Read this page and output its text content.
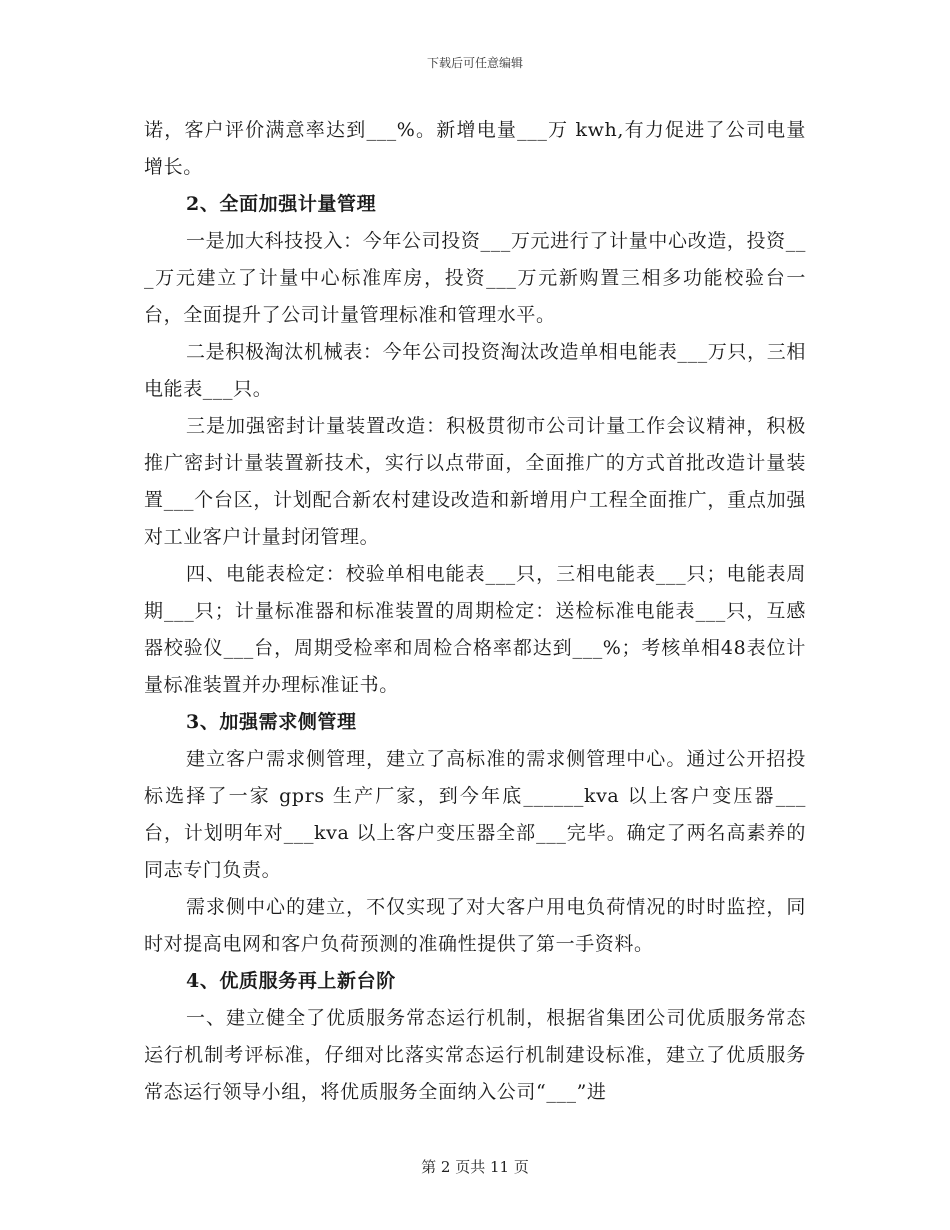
下载后可任意编辑

诺，客户评价满意率达到___%。新增电量___万 kwh,有力促进了公司电量增长。

2、全面加强计量管理

一是加大科技投入：今年公司投资___万元进行了计量中心改造，投资___万元建立了计量中心标准库房，投资___万元新购置三相多功能校验台一台，全面提升了公司计量管理标准和管理水平。

二是积极淘汰机械表：今年公司投资淘汰改造单相电能表___万只，三相电能表___只。

三是加强密封计量装置改造：积极贯彻市公司计量工作会议精神，积极推广密封计量装置新技术，实行以点带面，全面推广的方式首批改造计量装置___个台区，计划配合新农村建设改造和新增用户工程全面推广，重点加强对工业客户计量封闭管理。

四、电能表检定：校验单相电能表___只，三相电能表___只；电能表周期___只；计量标准器和标准装置的周期检定：送检标准电能表___只，互感器校验仪___台，周期受检率和周检合格率都达到___%；考核单相48表位计量标准装置并办理标准证书。

3、加强需求侧管理

建立客户需求侧管理，建立了高标准的需求侧管理中心。通过公开招投标选择了一家 gprs 生产厂家，到今年底______kva 以上客户变压器___台，计划明年对___kva 以上客户变压器全部___完毕。确定了两名高素养的同志专门负责。

需求侧中心的建立，不仅实现了对大客户用电负荷情况的时时监控，同时对提高电网和客户负荷预测的准确性提供了第一手资料。

4、优质服务再上新台阶

一、建立健全了优质服务常态运行机制，根据省集团公司优质服务常态运行机制考评标准，仔细对比落实常态运行机制建设标准，建立了优质服务常态运行领导小组，将优质服务全面纳入公司“___”进

第 2 页共 11 页
